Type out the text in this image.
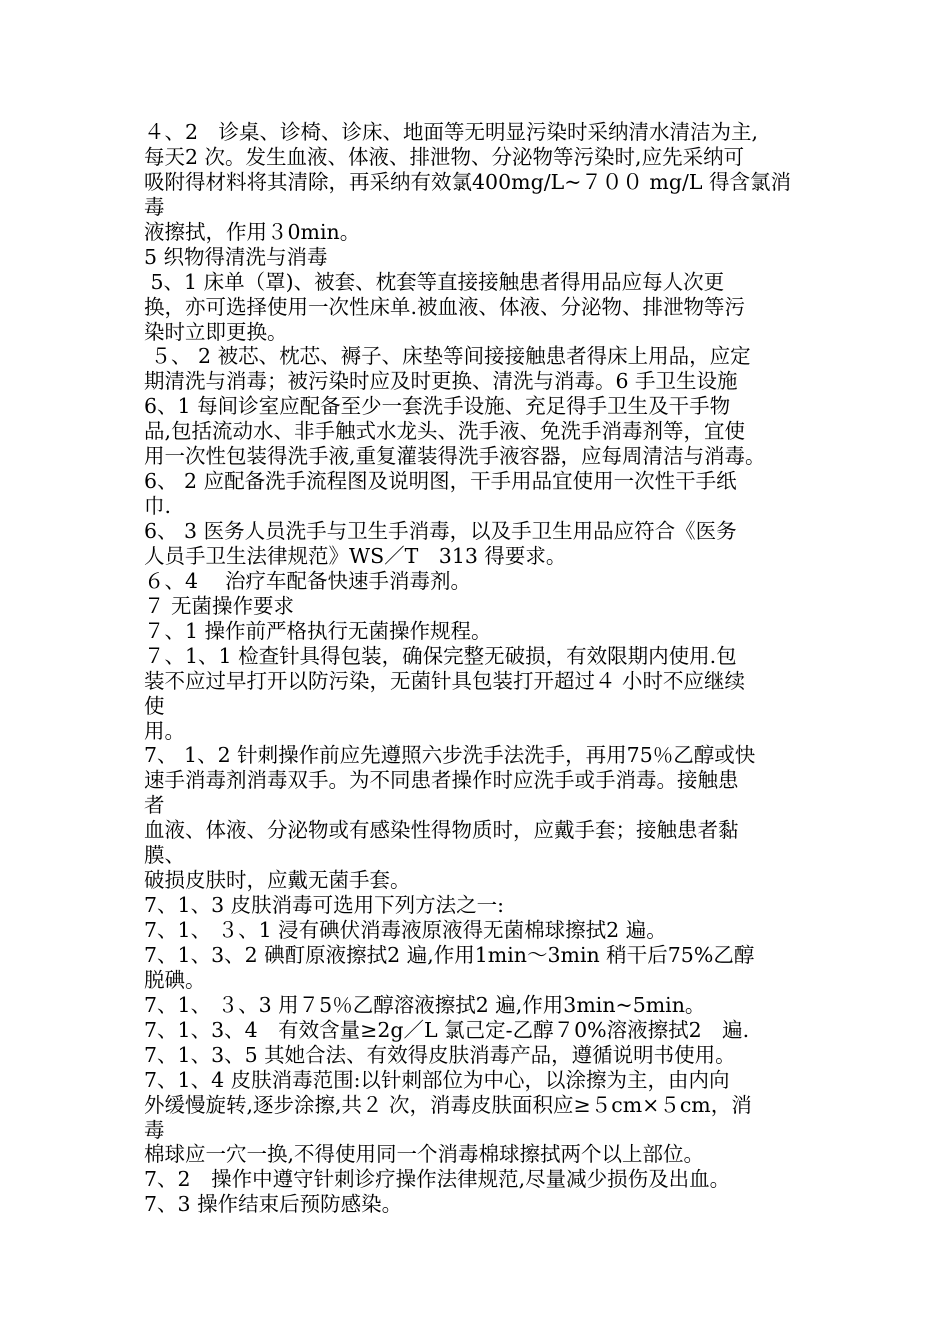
４、2　诊桌、诊椅、诊床、地面等无明显污染时采纳清水清洁为主,
每天2 次。发生血液、体液、排泄物、分泌物等污染时,应先采纳可
吸附得材料将其清除，再采纳有效氯400mg/L~７００ mg/L 得含氯消
毒
液擦拭，作用３0min。
5 织物得清洗与消毒
5、1 床单（罩)、被套、枕套等直接接触患者得用品应每人次更
换，亦可选择使用一次性床单.被血液、体液、分泌物、排泄物等污
染时立即更换。
５、 2 被芯、枕芯、褥子、床垫等间接接触患者得床上用品，应定
期清洗与消毒；被污染时应及时更换、清洗与消毒。6 手卫生设施
6、1 每间诊室应配备至少一套洗手设施、充足得手卫生及干手物
品,包括流动水、非手触式水龙头、洗手液、免洗手消毒剂等，宜使
用一次性包装得洗手液,重复灌装得洗手液容器，应每周清洁与消毒。
6、 2 应配备洗手流程图及说明图，干手用品宜使用一次性干手纸
巾.
6、 3 医务人员洗手与卫生手消毒，以及手卫生用品应符合《医务
人员手卫生法律规范》WS／T　313 得要求。
６、4　 治疗车配备快速手消毒剂。
７ 无菌操作要求
７、1 操作前严格执行无菌操作规程。
７、1、1 检查针具得包装，确保完整无破损，有效限期内使用.包
装不应过早打开以防污染，无菌针具包装打开超过４ 小时不应继续
使
用。
7、 1、2 针刺操作前应先遵照六步洗手法洗手，再用75％乙醇或快
速手消毒剂消毒双手。为不同患者操作时应洗手或手消毒。接触患
者
血液、体液、分泌物或有感染性得物质时，应戴手套；接触患者黏
膜、
破损皮肤时，应戴无菌手套。
7、1、3 皮肤消毒可选用下列方法之一:
7、1、 ３、1 浸有碘伏消毒液原液得无菌棉球擦拭2 遍。
7、1、3、2 碘酊原液擦拭2 遍,作用1min～3min 稍干后75%乙醇
脱碘。
7、1、 ３、3 用７5％乙醇溶液擦拭2 遍,作用3min~5min。
7、1、3、4　有效含量≥2g／L 氯己定-乙醇７0%溶液擦拭2　遍.
7、1、3、5 其她合法、有效得皮肤消毒产品，遵循说明书使用。
7、1、4 皮肤消毒范围:以针刺部位为中心，以涂擦为主，由内向
外缓慢旋转,逐步涂擦,共２ 次，消毒皮肤面积应≥５cm×５cm，消
毒
棉球应一穴一换,不得使用同一个消毒棉球擦拭两个以上部位。
7、2　操作中遵守针刺诊疗操作法律规范,尽量减少损伤及出血。
7、3 操作结束后预防感染。
